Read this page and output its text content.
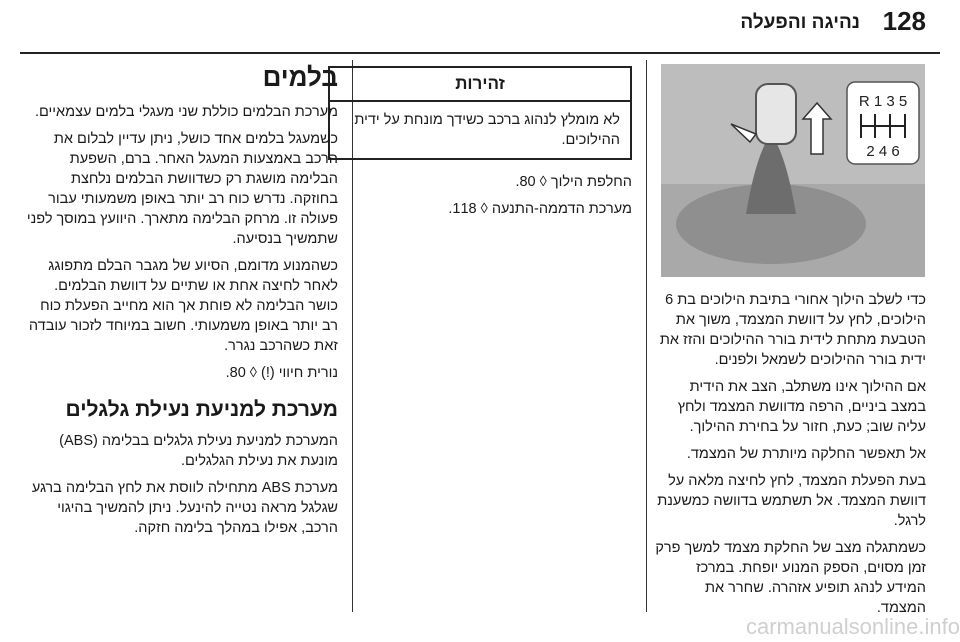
128
נהיגה והפעלה
R 1 3 5
2 4 6

כדי לשלב הילוך אחורי בתיבת הילוכים בת 6 הילוכים, לחץ על דוושת המצמד, משוך את הטבעת מתחת לידית בורר ההילוכים והזז את ידית בורר ההילוכים לשמאל ולפנים.

אם ההילוך אינו משתלב, הצב את הידית במצב ביניים, הרפה מדוושת המצמד ולחץ עליה שוב; כעת, חזור על בחירת ההילוך.

אל תאפשר החלקה מיותרת של המצמד.

בעת הפעלת המצמד, לחץ לחיצה מלאה על דוושת המצמד. אל תשתמש בדוושה כמשענת לרגל.

כשמתגלה מצב של החלקת מצמד למשך פרק זמן מסוים, הספק המנוע יופחת. במרכז המידע לנהג תופיע אזהרה. שחרר את המצמד.

זהירות
לא מומלץ לנהוג ברכב כשידך מונחת על ידית ההילוכים.

החלפת הילוך ◊ 80.

מערכת הדממה-התנעה ◊ 118.

בלמים

מערכת הבלמים כוללת שני מעגלי בלמים עצמאיים.

כשמעגל בלמים אחד כושל, ניתן עדיין לבלום את הרכב באמצעות המעגל האחר. ברם, השפעת הבלימה מושגת רק כשדוושת הבלמים נלחצת בחוזקה. נדרש כוח רב יותר באופן משמעותי עבור פעולה זו. מרחק הבלימה מתארך. היוועץ במוסך לפני שתמשיך בנסיעה.

כשהמנוע מדומם, הסיוע של מגבר הבלם מתפוגג לאחר לחיצה אחת או שתיים על דוושת הבלמים. כושר הבלימה לא פוחת אך הוא מחייב הפעלת כוח רב יותר באופן משמעותי. חשוב במיוחד לזכור עובדה זאת כשהרכב נגרר.

נורית חיווי (!) ◊ 80.

מערכת למניעת נעילת גלגלים

המערכת למניעת נעילת גלגלים בבלימה (ABS) מונעת את נעילת הגלגלים.

מערכת ABS מתחילה לווסת את לחץ הבלימה ברגע שגלגל מראה נטייה להינעל. ניתן להמשיך בהיגוי הרכב, אפילו במהלך בלימה חזקה.

carmanualsonline.info
